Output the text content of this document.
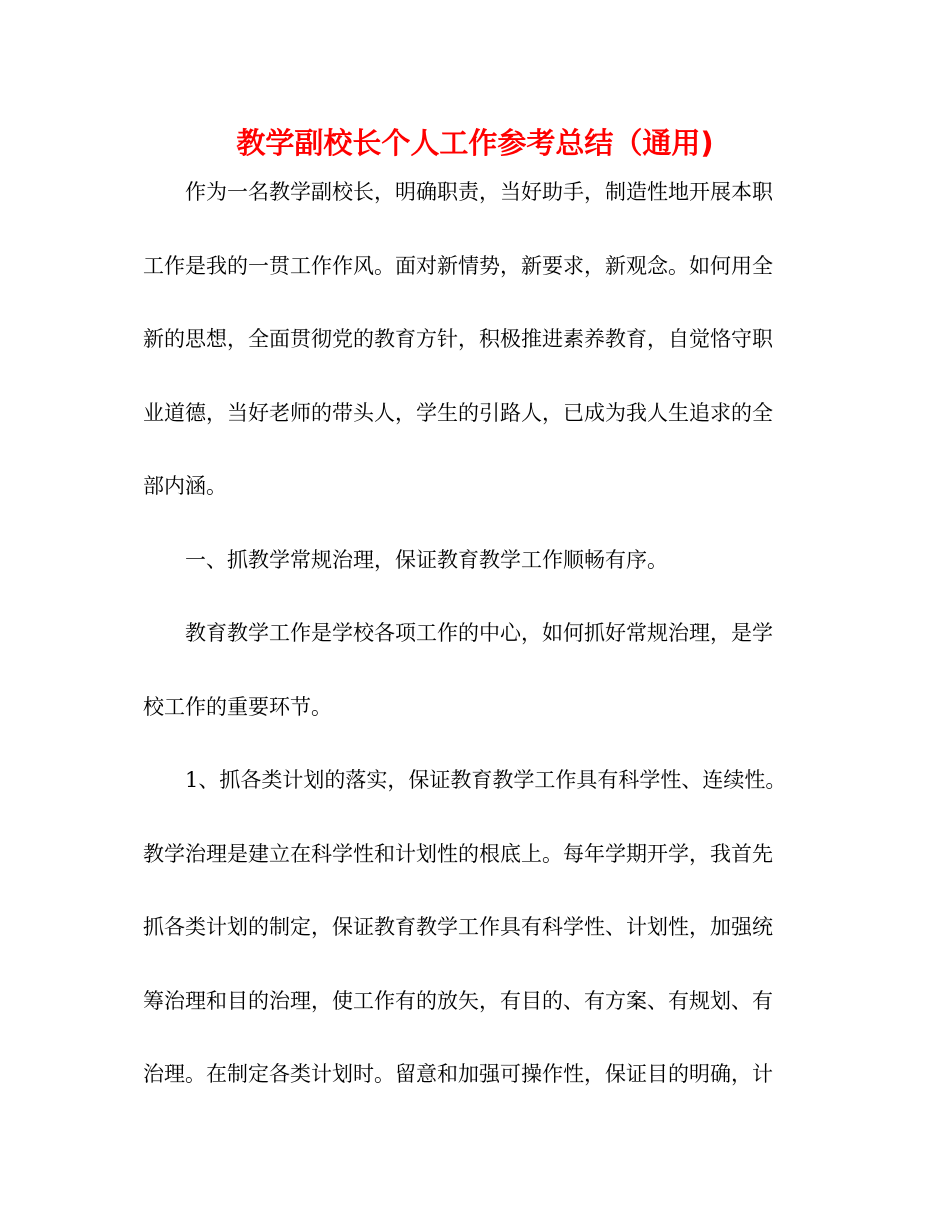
教学副校长个人工作参考总结（通用)
　　作为一名教学副校长，明确职责，当好助手，制造性地开展本职
工作是我的一贯工作作风。面对新情势，新要求，新观念。如何用全
新的思想，全面贯彻党的教育方针，积极推进素养教育，自觉恪守职
业道德，当好老师的带头人，学生的引路人，已成为我人生追求的全
部内涵。
　　一、抓教学常规治理，保证教育教学工作顺畅有序。
　　教育教学工作是学校各项工作的中心，如何抓好常规治理，是学
校工作的重要环节。
　　1、抓各类计划的落实，保证教育教学工作具有科学性、连续性。
教学治理是建立在科学性和计划性的根底上。每年学期开学，我首先
抓各类计划的制定，保证教育教学工作具有科学性、计划性，加强统
筹治理和目的治理，使工作有的放矢，有目的、有方案、有规划、有
治理。在制定各类计划时。留意和加强可操作性，保证目的明确，计
